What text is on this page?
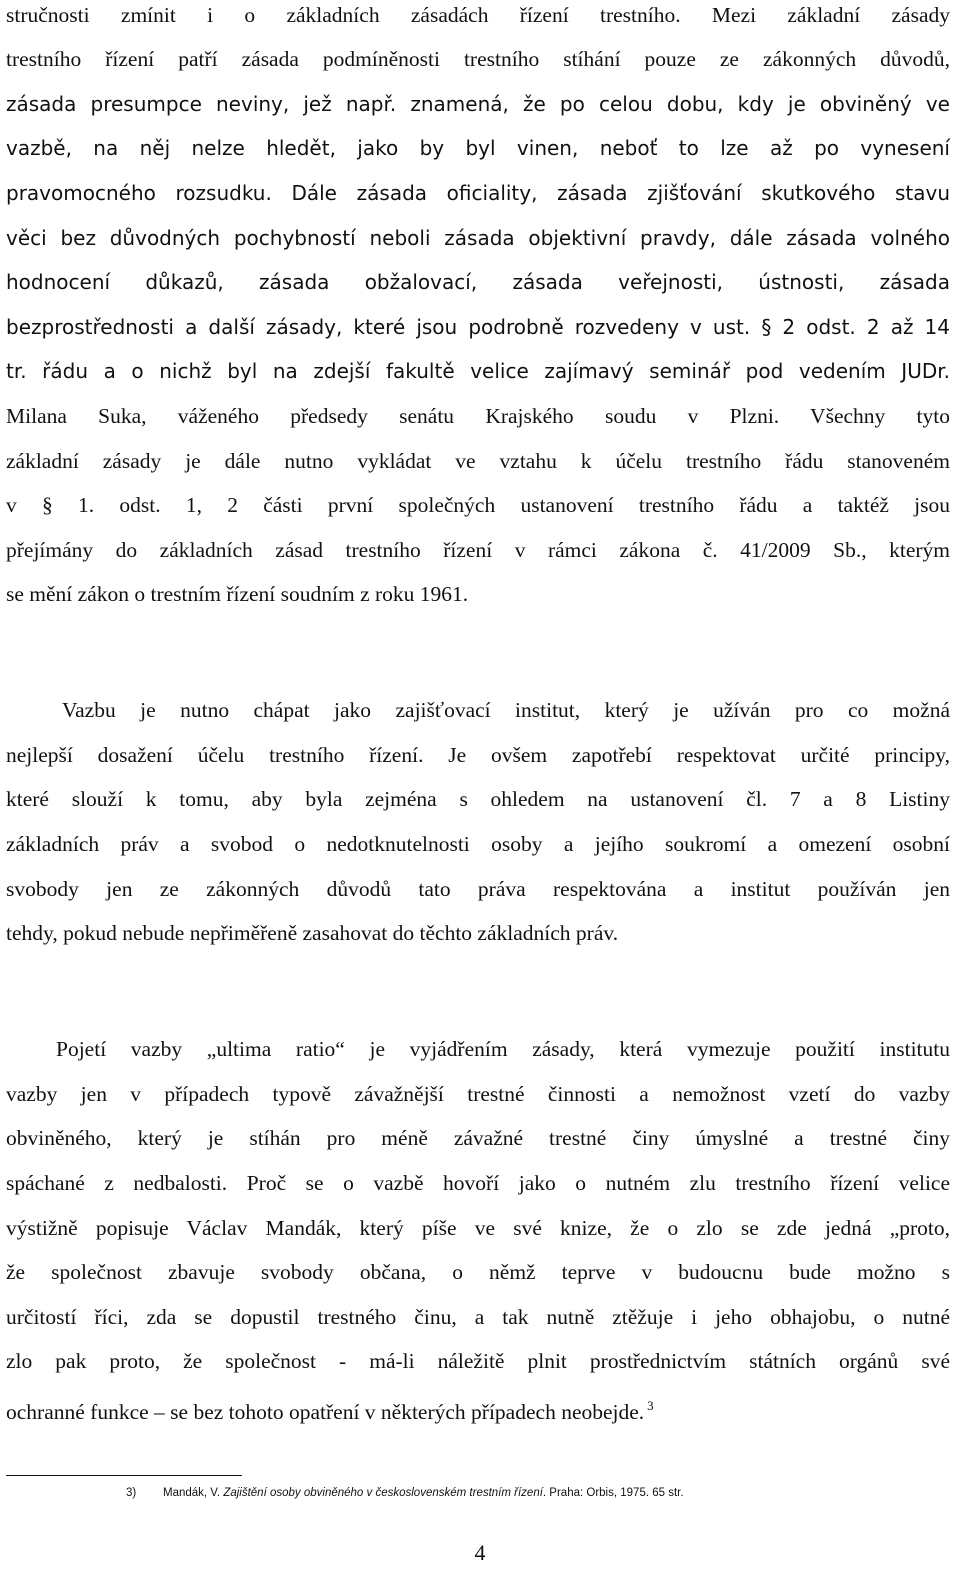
stručnosti zmínit i o základních zásadách řízení trestního. Mezi základní zásady
trestního řízení patří zásada podmíněnosti trestního stíhání pouze ze zákonných důvodů,
zásada presumpce neviny, jež např. znamená, že po celou dobu, kdy je obviněný ve
vazbě, na něj nelze hledět, jako by byl vinen, neboť to lze až po vynesení
pravomocného rozsudku. Dále zásada oficiality, zásada zjišťování skutkového stavu
věci bez důvodných pochybností neboli zásada objektivní pravdy, dále zásada volného
hodnocení důkazů, zásada obžalovací, zásada veřejnosti, ústnosti, zásada
bezprostřednosti a další zásady, které jsou podrobně rozvedeny v ust. § 2 odst. 2 až 14
tr. řádu a o nichž byl na zdejší fakultě velice zajímavý seminář pod vedením JUDr.
Milana Suka, váženého předsedy senátu Krajského soudu v Plzni. Všechny tyto
základní zásady je dále nutno vykládat ve vztahu k účelu trestního řádu stanoveném
v § 1. odst. 1, 2 části první společných ustanovení trestního řádu a taktéž jsou
přejímány do základních zásad trestního řízení v rámci zákona č. 41/2009 Sb., kterým
se mění zákon o trestním řízení soudním z roku 1961.
Vazbu je nutno chápat jako zajišťovací institut, který je užíván pro co možná
nejlepší dosažení účelu trestního řízení. Je ovšem zapotřebí respektovat určité principy,
které slouží k tomu, aby byla zejména s ohledem na ustanovení čl. 7 a 8 Listiny
základních práv a svobod o nedotknutelnosti osoby a jejího soukromí a omezení osobní
svobody jen ze zákonných důvodů tato práva respektována a institut používán jen
tehdy, pokud nebude nepřiměřeně zasahovat do těchto základních práv.
Pojetí vazby „ultima ratio“ je vyjádřením zásady, která vymezuje použití institutu
vazby jen v případech typově závažnější trestné činnosti a nemožnost vzetí do vazby
obviněného, který je stíhán pro méně závažné trestné činy úmyslné a trestné činy
spáchané z nedbalosti. Proč se o vazbě hovoří jako o nutném zlu trestního řízení velice
výstižně popisuje Václav Mandák, který píše ve své knize, že o zlo se zde jedná „proto,
že společnost zbavuje svobody občana, o němž teprve v budoucnu bude možno s
určitostí říci, zda se dopustil trestného činu, a tak nutně ztěžuje i jeho obhajobu, o nutné
zlo pak proto, že společnost - má-li náležitě plnit prostřednictvím státních orgánů své
ochranné funkce – se bez tohoto opatření v některých případech neobejde. $^3$
3) Mandák, V. Zajištění osoby obviněného v československém trestním řízení. Praha: Orbis, 1975. 65 str.
4
